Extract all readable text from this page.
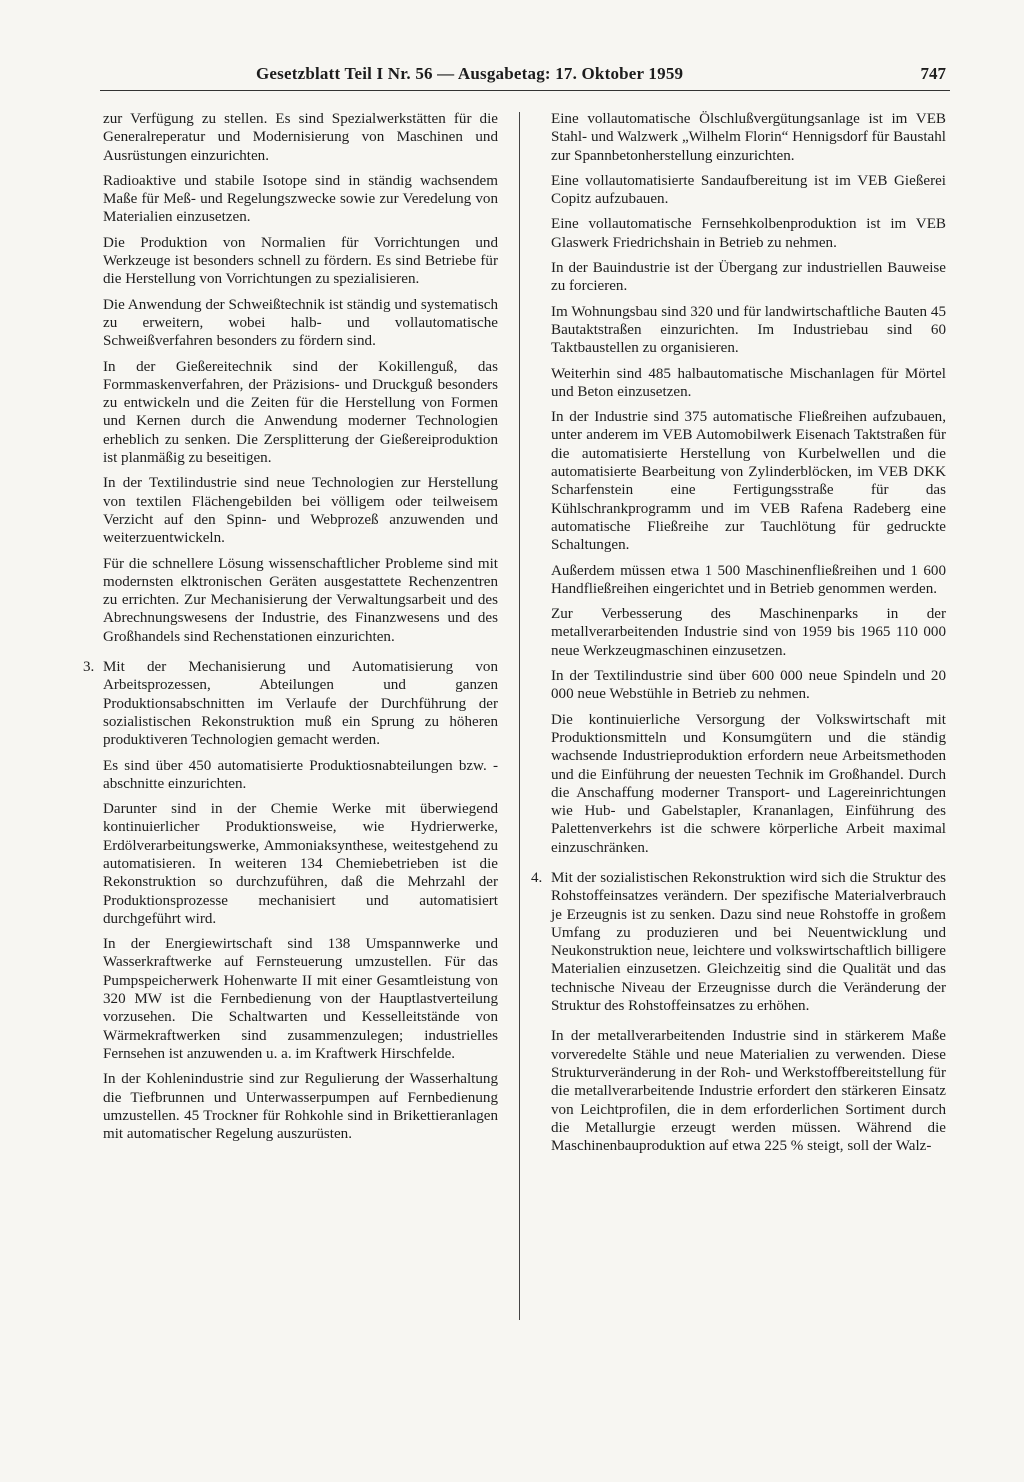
Gesetzblatt Teil I Nr. 56 — Ausgabetag: 17. Oktober 1959	747

zur Verfügung zu stellen. Es sind Spezialwerkstätten für die Generalreperatur und Modernisierung von Maschinen und Ausrüstungen einzurichten.

Radioaktive und stabile Isotope sind in ständig wachsendem Maße für Meß- und Regelungszwecke sowie zur Veredelung von Materialien einzusetzen.

Die Produktion von Normalien für Vorrichtungen und Werkzeuge ist besonders schnell zu fördern. Es sind Betriebe für die Herstellung von Vorrichtungen zu spezialisieren.

Die Anwendung der Schweißtechnik ist ständig und systematisch zu erweitern, wobei halb- und vollautomatische Schweißverfahren besonders zu fördern sind.

In der Gießereitechnik sind der Kokillenguß, das Formmaskenverfahren, der Präzisions- und Druckguß besonders zu entwickeln und die Zeiten für die Herstellung von Formen und Kernen durch die Anwendung moderner Technologien erheblich zu senken. Die Zersplitterung der Gießereiproduktion ist planmäßig zu beseitigen.

In der Textilindustrie sind neue Technologien zur Herstellung von textilen Flächengebilden bei völligem oder teilweisem Verzicht auf den Spinn- und Webprozeß anzuwenden und weiterzuentwickeln.

Für die schnellere Lösung wissenschaftlicher Probleme sind mit modernsten elktronischen Geräten ausgestattete Rechenzentren zu errichten. Zur Mechanisierung der Verwaltungsarbeit und des Abrechnungswesens der Industrie, des Finanzwesens und des Großhandels sind Rechenstationen einzurichten.

3. Mit der Mechanisierung und Automatisierung von Arbeitsprozessen, Abteilungen und ganzen Produktionsabschnitten im Verlaufe der Durchführung der sozialistischen Rekonstruktion muß ein Sprung zu höheren produktiveren Technologien gemacht werden.

Es sind über 450 automatisierte Produktiosnabteilungen bzw. -abschnitte einzurichten.

Darunter sind in der Chemie Werke mit überwiegend kontinuierlicher Produktionsweise, wie Hydrierwerke, Erdölverarbeitungswerke, Ammoniaksynthese, weitestgehend zu automatisieren. In weiteren 134 Chemiebetrieben ist die Rekonstruktion so durchzuführen, daß die Mehrzahl der Produktionsprozesse mechanisiert und automatisiert durchgeführt wird.

In der Energiewirtschaft sind 138 Umspannwerke und Wasserkraftwerke auf Fernsteuerung umzustellen. Für das Pumpspeicherwerk Hohenwarte II mit einer Gesamtleistung von 320 MW ist die Fernbedienung von der Hauptlastverteilung vorzusehen. Die Schaltwarten und Kesselleitstände von Wärmekraftwerken sind zusammenzulegen; industrielles Fernsehen ist anzuwenden u. a. im Kraftwerk Hirschfelde.

In der Kohlenindustrie sind zur Regulierung der Wasserhaltung die Tiefbrunnen und Unterwasserpumpen auf Fernbedienung umzustellen. 45 Trockner für Rohkohle sind in Brikettieranlagen mit automatischer Regelung auszurüsten.

Eine vollautomatische Ölschlußvergütungsanlage ist im VEB Stahl- und Walzwerk „Wilhelm Florin“ Hennigsdorf für Baustahl zur Spannbetonherstellung einzurichten.

Eine vollautomatisierte Sandaufbereitung ist im VEB Gießerei Copitz aufzubauen.

Eine vollautomatische Fernsehkolbenproduktion ist im VEB Glaswerk Friedrichshain in Betrieb zu nehmen.

In der Bauindustrie ist der Übergang zur industriellen Bauweise zu forcieren.

Im Wohnungsbau sind 320 und für landwirtschaftliche Bauten 45 Bautaktstraßen einzurichten. Im Industriebau sind 60 Taktbaustellen zu organisieren.

Weiterhin sind 485 halbautomatische Mischanlagen für Mörtel und Beton einzusetzen.

In der Industrie sind 375 automatische Fließreihen aufzubauen, unter anderem im VEB Automobilwerk Eisenach Taktstraßen für die automatisierte Herstellung von Kurbelwellen und die automatisierte Bearbeitung von Zylinderblöcken, im VEB DKK Scharfenstein eine Fertigungsstraße für das Kühlschrankprogramm und im VEB Rafena Radeberg eine automatische Fließreihe zur Tauchlötung für gedruckte Schaltungen.

Außerdem müssen etwa 1 500 Maschinenfließreihen und 1 600 Handfließreihen eingerichtet und in Betrieb genommen werden.

Zur Verbesserung des Maschinenparks in der metallverarbeitenden Industrie sind von 1959 bis 1965 110 000 neue Werkzeugmaschinen einzusetzen.

In der Textilindustrie sind über 600 000 neue Spindeln und 20 000 neue Webstühle in Betrieb zu nehmen.

Die kontinuierliche Versorgung der Volkswirtschaft mit Produktionsmitteln und Konsumgütern und die ständig wachsende Industrieproduktion erfordern neue Arbeitsmethoden und die Einführung der neuesten Technik im Großhandel. Durch die Anschaffung moderner Transport- und Lagereinrichtungen wie Hub- und Gabelstapler, Krananlagen, Einführung des Palettenverkehrs ist die schwere körperliche Arbeit maximal einzuschränken.

4. Mit der sozialistischen Rekonstruktion wird sich die Struktur des Rohstoffeinsatzes verändern. Der spezifische Materialverbrauch je Erzeugnis ist zu senken. Dazu sind neue Rohstoffe in großem Umfang zu produzieren und bei Neuentwicklung und Neukonstruktion neue, leichtere und volkswirtschaftlich billigere Materialien einzusetzen. Gleichzeitig sind die Qualität und das technische Niveau der Erzeugnisse durch die Veränderung der Struktur des Rohstoffeinsatzes zu erhöhen.

In der metallverarbeitenden Industrie sind in stärkerem Maße vorveredelte Stähle und neue Materialien zu verwenden. Diese Strukturveränderung in der Roh- und Werkstoffbereitstellung für die metallverarbeitende Industrie erfordert den stärkeren Einsatz von Leichtprofilen, die in dem erforderlichen Sortiment durch die Metallurgie erzeugt werden müssen. Während die Maschinenbauproduktion auf etwa 225 % steigt, soll der Walz-
